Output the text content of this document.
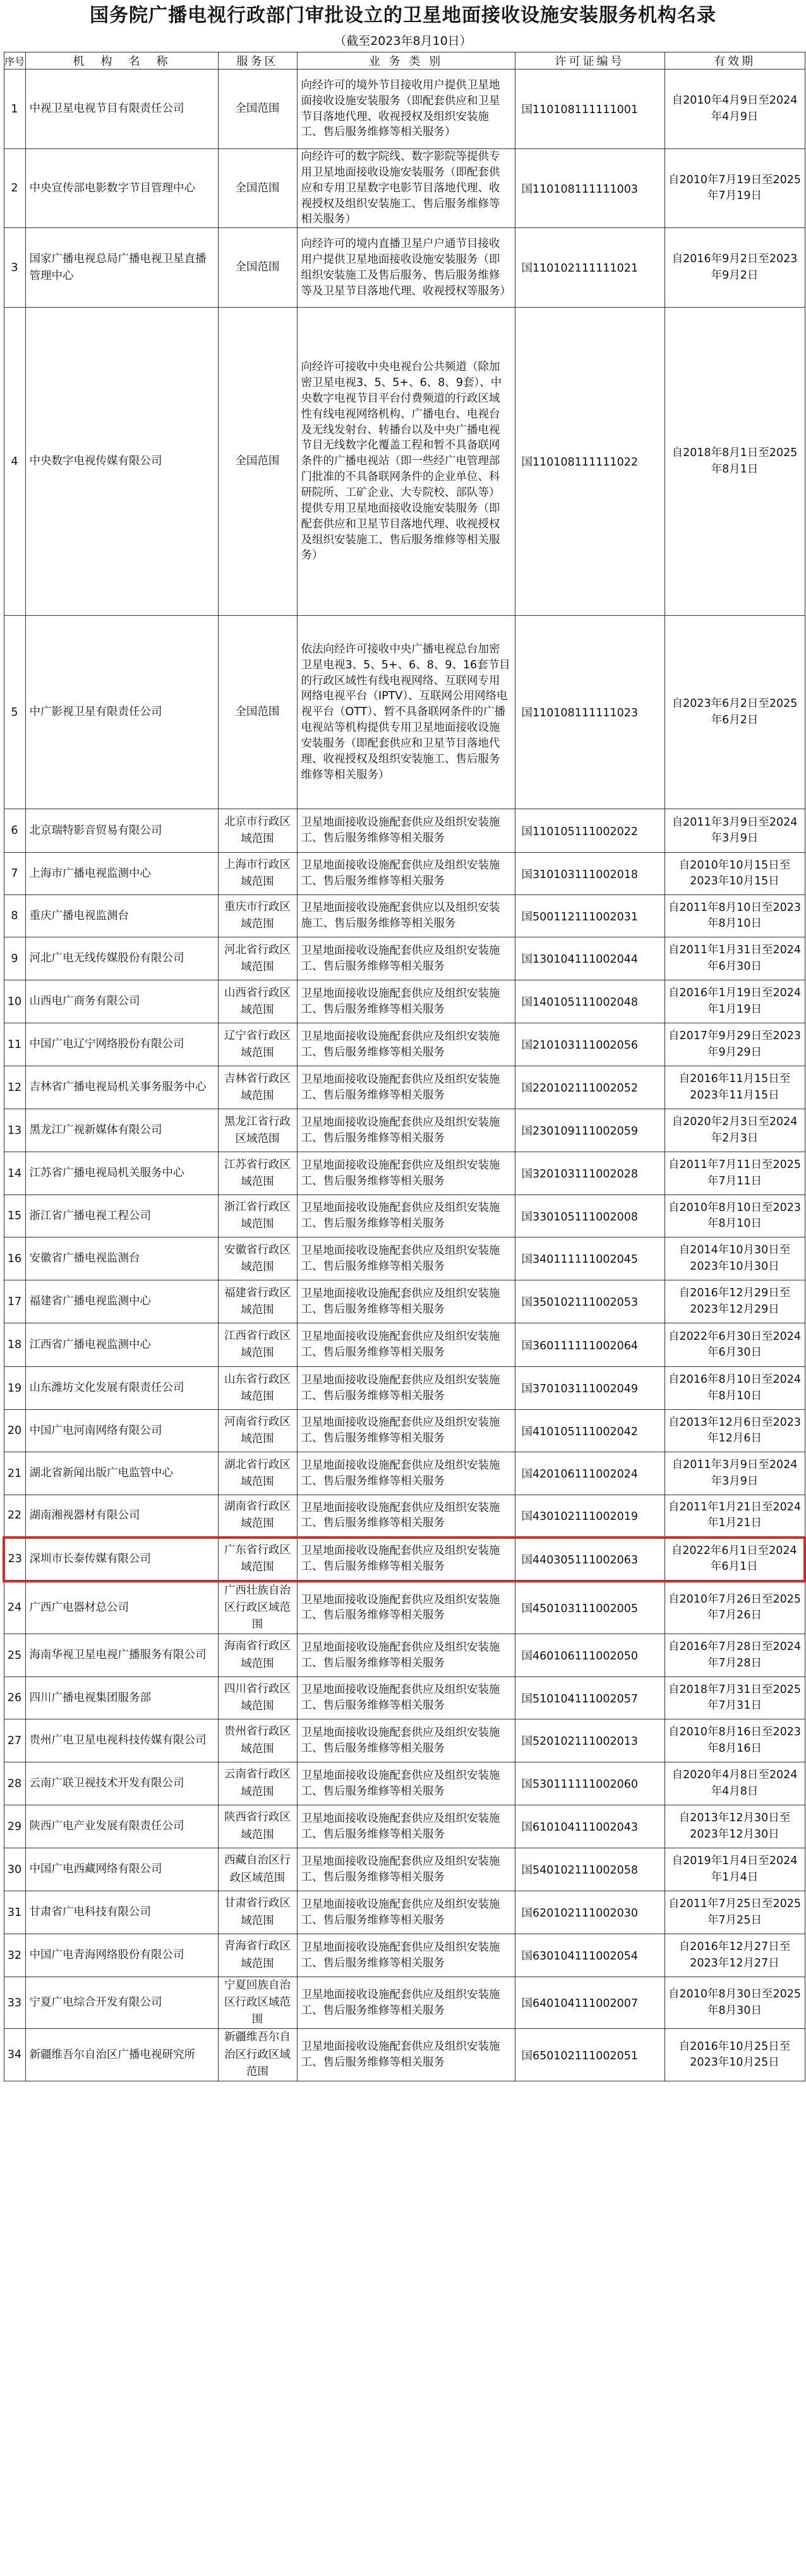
国务院广播电视行政部门审批设立的卫星地面接收设施安装服务机构名录
（截至2023年8月10日）
序号	机　构　名　称	服务区	业 务 类 别	许可证编号	有效期
1	中视卫星电视节目有限责任公司	全国范围	向经许可的境外节目接收用户提供卫星地面接收设施安装服务（即配套供应和卫星节目落地代理、收视授权及组织安装施工、售后服务维修等相关服务）	国110108111111001	自2010年4月9日至2024年4月9日
2	中央宣传部电影数字节目管理中心	全国范围	向经许可的数字院线、数字影院等提供专用卫星地面接收设施安装服务（即配套供应和专用卫星数字电影节目落地代理、收视授权及组织安装施工、售后服务维修等相关服务）	国110108111111003	自2010年7月19日至2025年7月19日
3	国家广播电视总局广播电视卫星直播管理中心	全国范围	向经许可的境内直播卫星户户通节目接收用户提供卫星地面接收设施安装服务（即组织安装施工及售后服务、售后服务维修等及卫星节目落地代理、收视授权等服务）	国110102111111021	自2016年9月2日至2023年9月2日
4	中央数字电视传媒有限公司	全国范围	向经许可接收中央电视台公共频道（除加密卫星电视3、5、5+、6、8、9套）、中央数字电视节目平台付费频道的行政区域性有线电视网络机构、广播电台、电视台及无线发射台、转播台以及中央广播电视节目无线数字化覆盖工程和暂不具备联网条件的广播电视站（即一些经广电管理部门批准的不具备联网条件的企业单位、科研院所、工矿企业、大专院校、部队等）提供专用卫星地面接收设施安装服务（即配套供应和卫星节目落地代理、收视授权及组织安装施工、售后服务维修等相关服务）	国110108111111022	自2018年8月1日至2025年8月1日
5	中广影视卫星有限责任公司	全国范围	依法向经许可接收中央广播电视总台加密卫星电视3、5、5+、6、8、9、16套节目的行政区域性有线电视网络、互联网专用网络电视平台（IPTV）、互联网公用网络电视平台（OTT）、暂不具备联网条件的广播电视站等机构提供专用卫星地面接收设施安装服务（即配套供应和卫星节目落地代理、收视授权及组织安装施工、售后服务维修等相关服务）	国110108111111023	自2023年6月2日至2025年6月2日
6	北京瑞特影音贸易有限公司	北京市行政区域范围	卫星地面接收设施配套供应及组织安装施工、售后服务维修等相关服务	国110105111002022	自2011年3月9日至2024年3月9日
7	上海市广播电视监测中心	上海市行政区域范围	卫星地面接收设施配套供应及组织安装施工、售后服务维修等相关服务	国310103111002018	自2010年10月15日至2023年10月15日
8	重庆广播电视监测台	重庆市行政区域范围	卫星地面接收设施配套供应以及组织安装施工、售后服务维修等相关服务	国500112111002031	自2011年8月10日至2023年8月10日
9	河北广电无线传媒股份有限公司	河北省行政区域范围	卫星地面接收设施配套供应及组织安装施工、售后服务维修等相关服务	国130104111002044	自2011年1月31日至2024年6月30日
10	山西电广商务有限公司	山西省行政区域范围	卫星地面接收设施配套供应及组织安装施工、售后服务维修等相关服务	国140105111002048	自2016年1月19日至2024年1月19日
11	中国广电辽宁网络股份有限公司	辽宁省行政区域范围	卫星地面接收设施配套供应及组织安装施工、售后服务维修等相关服务	国210103111002056	自2017年9月29日至2023年9月29日
12	吉林省广播电视局机关事务服务中心	吉林省行政区域范围	卫星地面接收设施配套供应及组织安装施工、售后服务维修等相关服务	国220102111002052	自2016年11月15日至2023年11月15日
13	黑龙江广视新媒体有限公司	黑龙江省行政区域范围	卫星地面接收设施配套供应及组织安装施工、售后服务维修等相关服务	国230109111002059	自2020年2月3日至2024年2月3日
14	江苏省广播电视局机关服务中心	江苏省行政区域范围	卫星地面接收设施配套供应及组织安装施工、售后服务维修等相关服务	国320103111002028	自2011年7月11日至2025年7月11日
15	浙江省广播电视工程公司	浙江省行政区域范围	卫星地面接收设施配套供应及组织安装施工、售后服务维修等相关服务	国330105111002008	自2010年8月10日至2023年8月10日
16	安徽省广播电视监测台	安徽省行政区域范围	卫星地面接收设施配套供应及组织安装施工、售后服务维修等相关服务	国340111111002045	自2014年10月30日至2023年10月30日
17	福建省广播电视监测中心	福建省行政区域范围	卫星地面接收设施配套供应及组织安装施工、售后服务维修等相关服务	国350102111002053	自2016年12月29日至2023年12月29日
18	江西省广播电视监测中心	江西省行政区域范围	卫星地面接收设施配套供应及组织安装施工、售后服务维修等相关服务	国360111111002064	自2022年6月30日至2024年6月30日
19	山东潍坊文化发展有限责任公司	山东省行政区域范围	卫星地面接收设施配套供应及组织安装施工、售后服务维修等相关服务	国370103111002049	自2016年8月10日至2024年8月10日
20	中国广电河南网络有限公司	河南省行政区域范围	卫星地面接收设施配套供应及组织安装施工、售后服务维修等相关服务	国410105111002042	自2013年12月6日至2023年12月6日
21	湖北省新闻出版广电监管中心	湖北省行政区域范围	卫星地面接收设施配套供应及组织安装施工、售后服务维修等相关服务	国420106111002024	自2011年3月9日至2024年3月9日
22	湖南湘视器材有限公司	湖南省行政区域范围	卫星地面接收设施配套供应及组织安装施工、售后服务维修等相关服务	国430102111002019	自2011年1月21日至2024年1月21日
23	深圳市长泰传媒有限公司	广东省行政区域范围	卫星地面接收设施配套供应及组织安装施工、售后服务维修等相关服务	国440305111002063	自2022年6月1日至2024年6月1日
24	广西广电器材总公司	广西壮族自治区行政区域范围	卫星地面接收设施配套供应及组织安装施工、售后服务维修等相关服务	国450103111002005	自2010年7月26日至2025年7月26日
25	海南华视卫星电视广播服务有限公司	海南省行政区域范围	卫星地面接收设施配套供应及组织安装施工、售后服务维修等相关服务	国460106111002050	自2016年7月28日至2024年7月28日
26	四川广播电视集团服务部	四川省行政区域范围	卫星地面接收设施配套供应及组织安装施工、售后服务维修等相关服务	国510104111002057	自2018年7月31日至2025年7月31日
27	贵州广电卫星电视科技传媒有限公司	贵州省行政区域范围	卫星地面接收设施配套供应及组织安装施工、售后服务维修等相关服务	国520102111002013	自2010年8月16日至2023年8月16日
28	云南广联卫视技术开发有限公司	云南省行政区域范围	卫星地面接收设施配套供应及组织安装施工、售后服务维修等相关服务	国530111111002060	自2020年4月8日至2024年4月8日
29	陕西广电产业发展有限责任公司	陕西省行政区域范围	卫星地面接收设施配套供应及组织安装施工、售后服务维修等相关服务	国610104111002043	自2013年12月30日至2023年12月30日
30	中国广电西藏网络有限公司	西藏自治区行政区域范围	卫星地面接收设施配套供应及组织安装施工、售后服务维修等相关服务	国540102111002058	自2019年1月4日至2024年1月4日
31	甘肃省广电科技有限公司	甘肃省行政区域范围	卫星地面接收设施配套供应及组织安装施工、售后服务维修等相关服务	国620102111002030	自2011年7月25日至2025年7月25日
32	中国广电青海网络股份有限公司	青海省行政区域范围	卫星地面接收设施配套供应及组织安装施工、售后服务维修等相关服务	国630104111002054	自2016年12月27日至2023年12月27日
33	宁夏广电综合开发有限公司	宁夏回族自治区行政区域范围	卫星地面接收设施配套供应及组织安装施工、售后服务维修等相关服务	国640104111002007	自2010年8月30日至2025年8月30日
34	新疆维吾尔自治区广播电视研究所	新疆维吾尔自治区行政区域范围	卫星地面接收设施配套供应及组织安装施工、售后服务维修等相关服务	国650102111002051	自2016年10月25日至2023年10月25日
